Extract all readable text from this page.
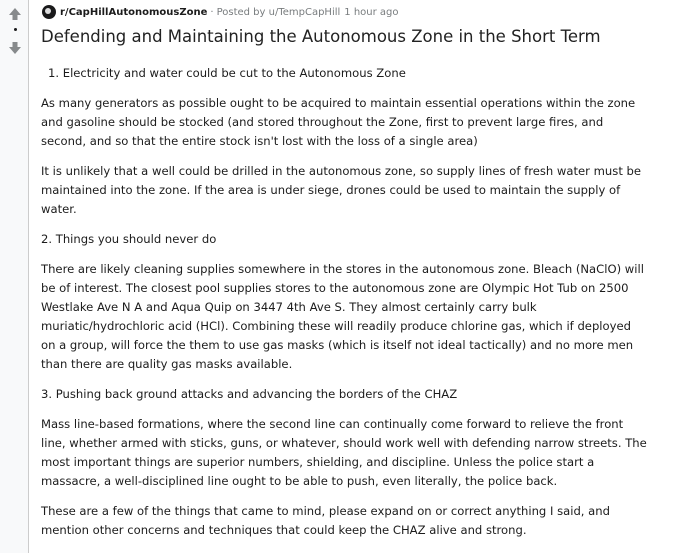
r/CapHillAutonomousZone · Posted by u/TempCapHill 1 hour ago
Defending and Maintaining the Autonomous Zone in the Short Term

1. Electricity and water could be cut to the Autonomous Zone

As many generators as possible ought to be acquired to maintain essential operations within the zone and gasoline should be stocked (and stored throughout the Zone, first to prevent large fires, and second, and so that the entire stock isn't lost with the loss of a single area)

It is unlikely that a well could be drilled in the autonomous zone, so supply lines of fresh water must be maintained into the zone. If the area is under siege, drones could be used to maintain the supply of water.

2. Things you should never do

There are likely cleaning supplies somewhere in the stores in the autonomous zone. Bleach (NaClO) will be of interest. The closest pool supplies stores to the autonomous zone are Olympic Hot Tub on 2500 Westlake Ave N A and Aqua Quip on 3447 4th Ave S. They almost certainly carry bulk muriatic/hydrochloric acid (HCl). Combining these will readily produce chlorine gas, which if deployed on a group, will force the them to use gas masks (which is itself not ideal tactically) and no more men than there are quality gas masks available.

3. Pushing back ground attacks and advancing the borders of the CHAZ

Mass line-based formations, where the second line can continually come forward to relieve the front line, whether armed with sticks, guns, or whatever, should work well with defending narrow streets. The most important things are superior numbers, shielding, and discipline. Unless the police start a massacre, a well-disciplined line ought to be able to push, even literally, the police back.

These are a few of the things that came to mind, please expand on or correct anything I said, and mention other concerns and techniques that could keep the CHAZ alive and strong.
